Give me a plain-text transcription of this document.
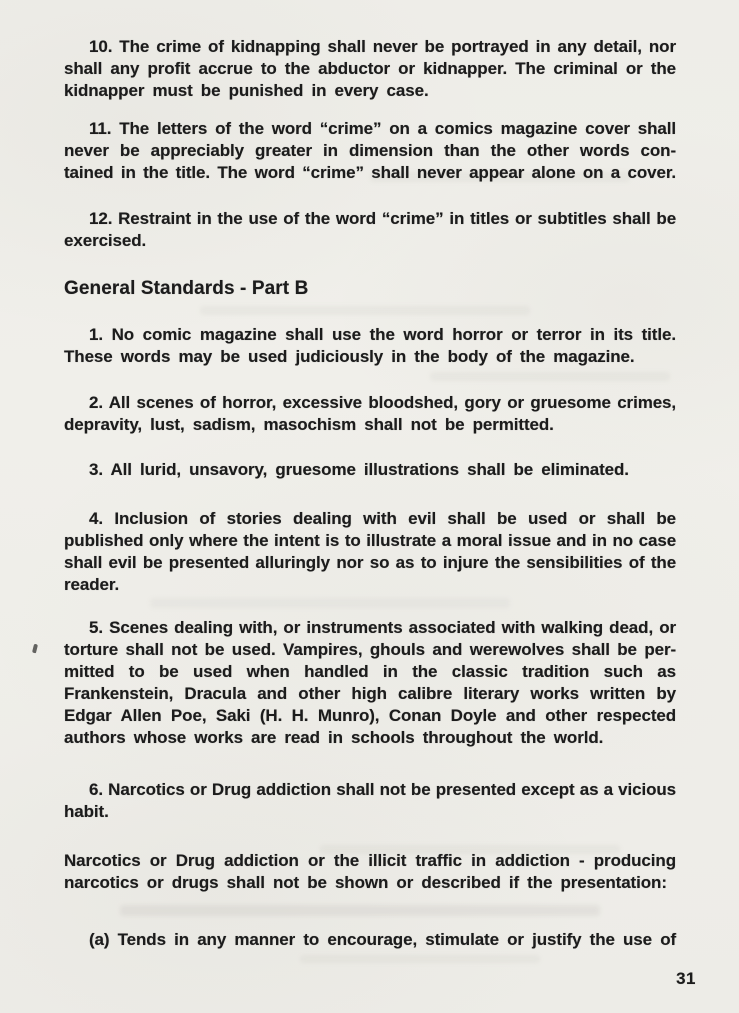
10. The crime of kidnapping shall never be portrayed in any detail, nor
shall any profit accrue to the abductor or kidnapper. The criminal or the
kidnapper must be punished in every case.
11. The letters of the word “crime” on a comics magazine cover shall
never be appreciably greater in dimension than the other words con-
tained in the title. The word “crime” shall never appear alone on a cover.
12. Restraint in the use of the word “crime” in titles or subtitles shall be
exercised.
General Standards - Part B
1. No comic magazine shall use the word horror or terror in its title.
These words may be used judiciously in the body of the magazine.
2. All scenes of horror, excessive bloodshed, gory or gruesome crimes,
depravity, lust, sadism, masochism shall not be permitted.
3. All lurid, unsavory, gruesome illustrations shall be eliminated.
4. Inclusion of stories dealing with evil shall be used or shall be
published only where the intent is to illustrate a moral issue and in no case
shall evil be presented alluringly nor so as to injure the sensibilities of the
reader.
5. Scenes dealing with, or instruments associated with walking dead, or
torture shall not be used. Vampires, ghouls and werewolves shall be per-
mitted to be used when handled in the classic tradition such as
Frankenstein, Dracula and other high calibre literary works written by
Edgar Allen Poe, Saki (H. H. Munro), Conan Doyle and other respected
authors whose works are read in schools throughout the world.
6. Narcotics or Drug addiction shall not be presented except as a vicious
habit.
Narcotics or Drug addiction or the illicit traffic in addiction - producing
narcotics or drugs shall not be shown or described if the presentation:
(a) Tends in any manner to encourage, stimulate or justify the use of
31
